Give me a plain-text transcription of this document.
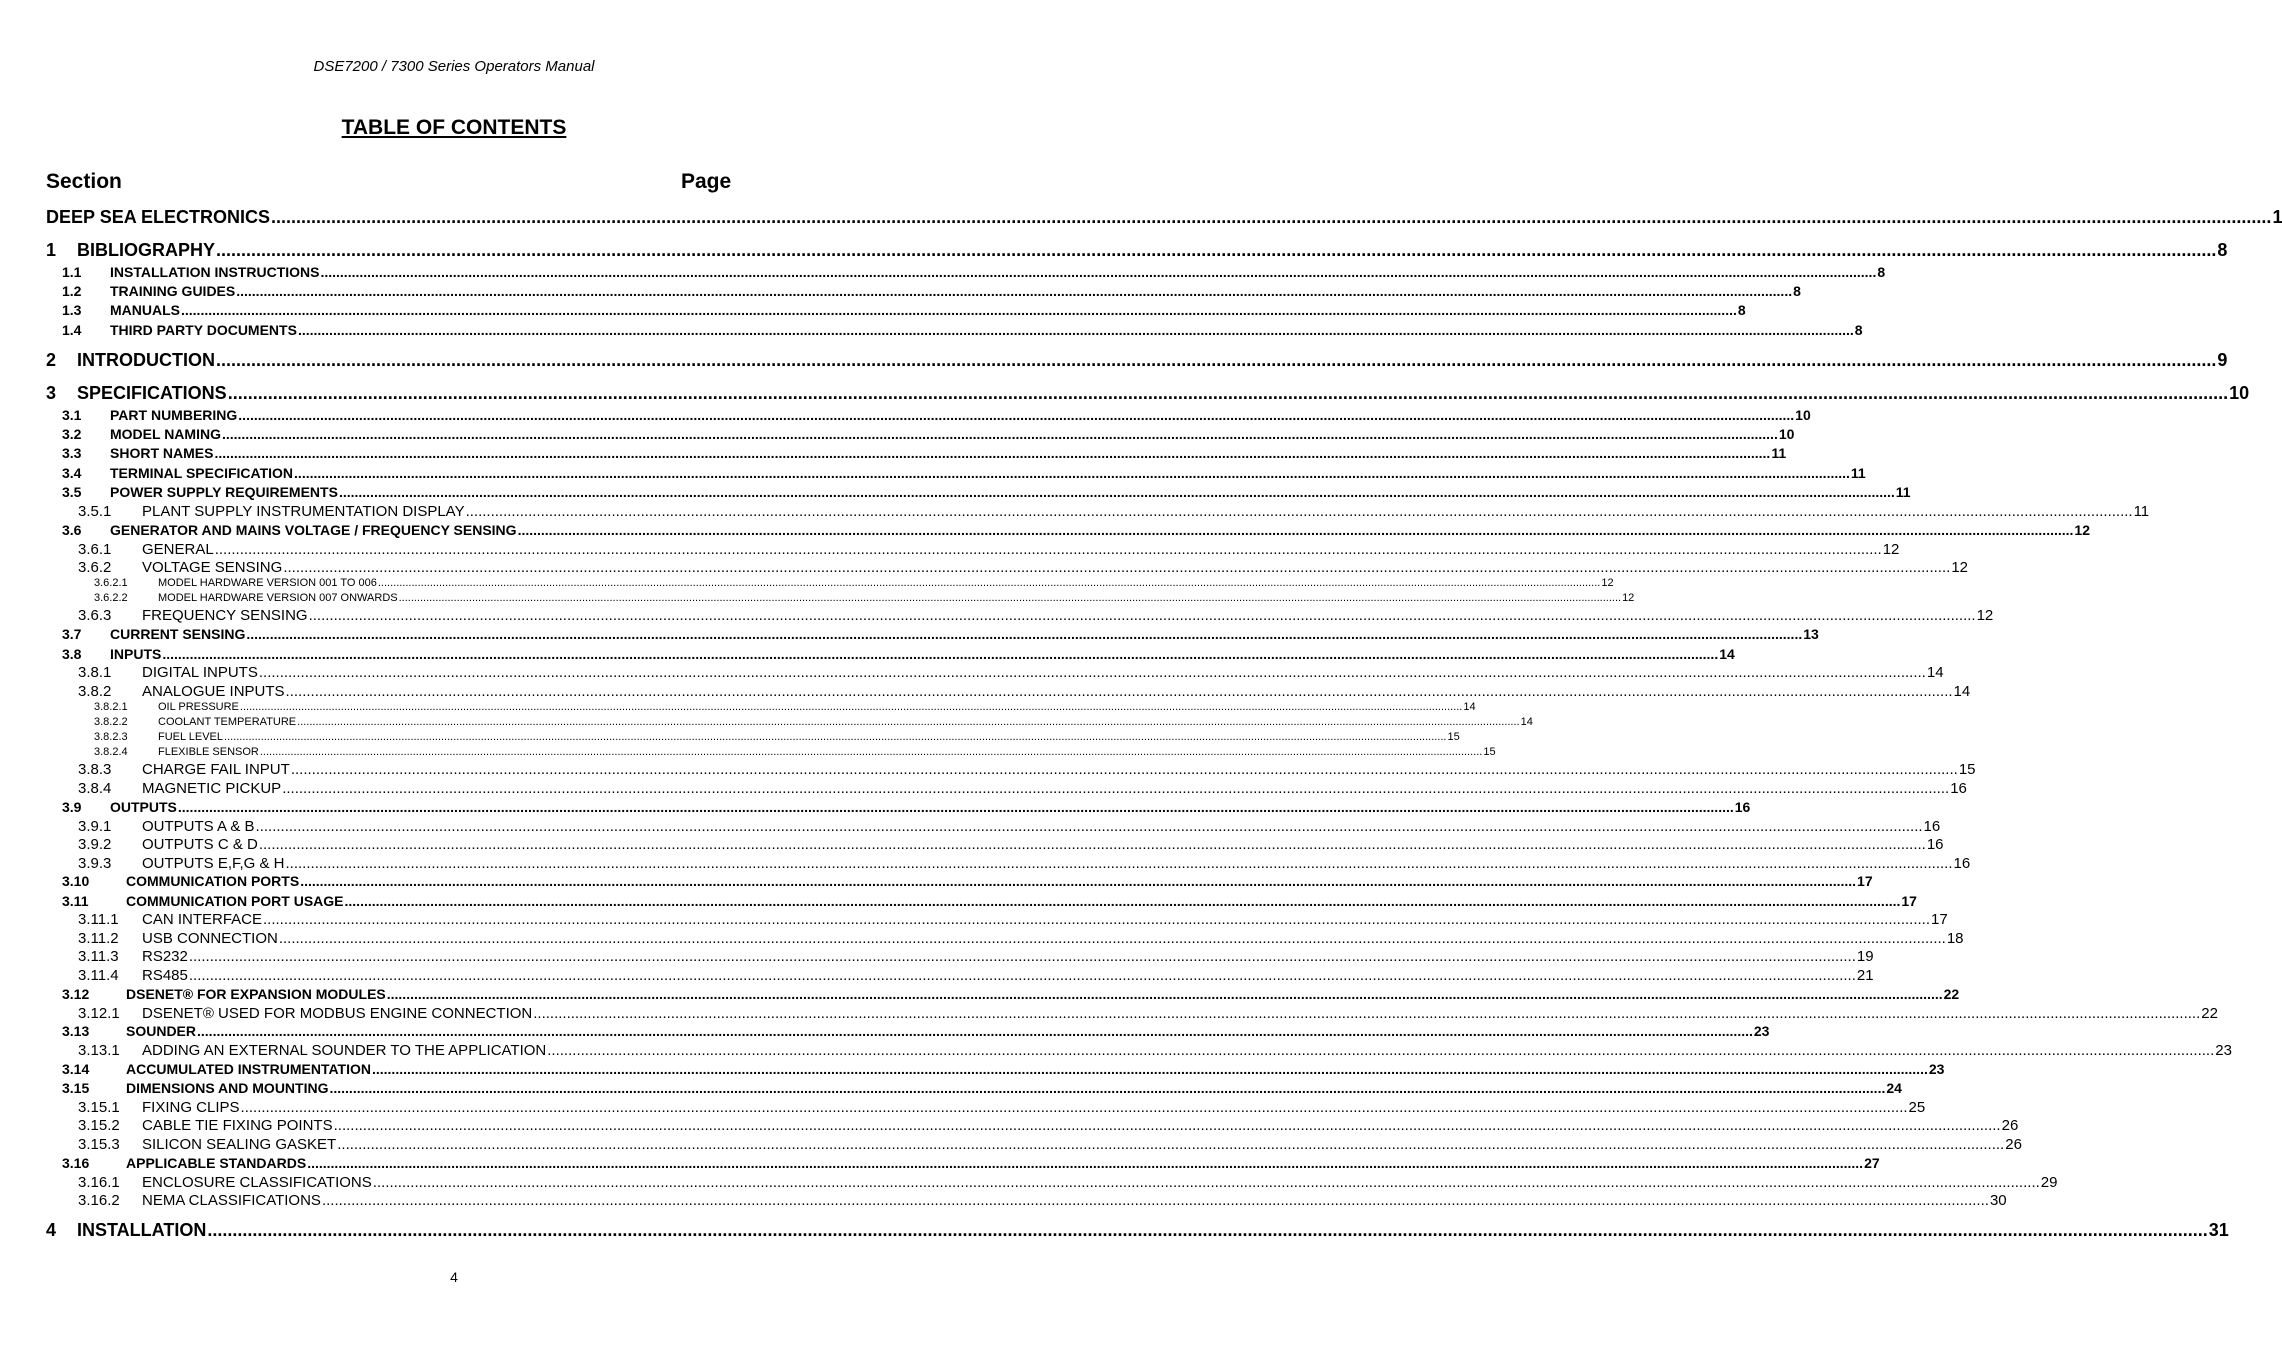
DSE7200 / 7300 Series Operators Manual
TABLE OF CONTENTS
Section	Page
DEEP SEA ELECTRONICS ................................................................................................................................................................................................................................................................................................................................................................................................................ 1
1	BIBLIOGRAPHY ................................................................................................................................................................................................................................................................................................................................................................................................................ 8
1.1	INSTALLATION INSTRUCTIONS ................................................................................................................................................................................................................................................................................................................................................................................................................ 8
1.2	TRAINING GUIDES ................................................................................................................................................................................................................................................................................................................................................................................................................ 8
1.3	MANUALS ................................................................................................................................................................................................................................................................................................................................................................................................................ 8
1.4	THIRD PARTY DOCUMENTS ................................................................................................................................................................................................................................................................................................................................................................................................................ 8
2	INTRODUCTION ................................................................................................................................................................................................................................................................................................................................................................................................................ 9
3	SPECIFICATIONS ................................................................................................................................................................................................................................................................................................................................................................................................................ 10
3.1	PART NUMBERING ................................................................................................................................................................................................................................................................................................................................................................................................................ 10
3.2	MODEL NAMING ................................................................................................................................................................................................................................................................................................................................................................................................................ 10
3.3	SHORT NAMES ................................................................................................................................................................................................................................................................................................................................................................................................................ 11
3.4	TERMINAL SPECIFICATION ................................................................................................................................................................................................................................................................................................................................................................................................................ 11
3.5	POWER SUPPLY REQUIREMENTS ................................................................................................................................................................................................................................................................................................................................................................................................................ 11
3.5.1	PLANT SUPPLY INSTRUMENTATION DISPLAY ................................................................................................................................................................................................................................................................................................................................................................................................................ 11
3.6	GENERATOR AND MAINS VOLTAGE / FREQUENCY SENSING ................................................................................................................................................................................................................................................................................................................................................................................................................ 12
3.6.1	GENERAL ................................................................................................................................................................................................................................................................................................................................................................................................................ 12
3.6.2	VOLTAGE SENSING ................................................................................................................................................................................................................................................................................................................................................................................................................ 12
3.6.2.1	MODEL HARDWARE VERSION 001 TO 006 ................................................................................................................................................................................................................................................................................................................................................................................................................ 12
3.6.2.2	MODEL HARDWARE VERSION 007 ONWARDS ................................................................................................................................................................................................................................................................................................................................................................................................................ 12
3.6.3	FREQUENCY SENSING ................................................................................................................................................................................................................................................................................................................................................................................................................ 12
3.7	CURRENT SENSING ................................................................................................................................................................................................................................................................................................................................................................................................................ 13
3.8	INPUTS ................................................................................................................................................................................................................................................................................................................................................................................................................ 14
3.8.1	DIGITAL INPUTS ................................................................................................................................................................................................................................................................................................................................................................................................................ 14
3.8.2	ANALOGUE INPUTS ................................................................................................................................................................................................................................................................................................................................................................................................................ 14
3.8.2.1	OIL PRESSURE ................................................................................................................................................................................................................................................................................................................................................................................................................ 14
3.8.2.2	COOLANT TEMPERATURE ................................................................................................................................................................................................................................................................................................................................................................................................................ 14
3.8.2.3	FUEL LEVEL ................................................................................................................................................................................................................................................................................................................................................................................................................ 15
3.8.2.4	FLEXIBLE SENSOR ................................................................................................................................................................................................................................................................................................................................................................................................................ 15
3.8.3	CHARGE FAIL INPUT ................................................................................................................................................................................................................................................................................................................................................................................................................ 15
3.8.4	MAGNETIC PICKUP ................................................................................................................................................................................................................................................................................................................................................................................................................ 16
3.9	OUTPUTS ................................................................................................................................................................................................................................................................................................................................................................................................................ 16
3.9.1	OUTPUTS A & B ................................................................................................................................................................................................................................................................................................................................................................................................................ 16
3.9.2	OUTPUTS C & D ................................................................................................................................................................................................................................................................................................................................................................................................................ 16
3.9.3	OUTPUTS E,F,G & H ................................................................................................................................................................................................................................................................................................................................................................................................................ 16
3.10	COMMUNICATION PORTS ................................................................................................................................................................................................................................................................................................................................................................................................................ 17
3.11	COMMUNICATION PORT USAGE ................................................................................................................................................................................................................................................................................................................................................................................................................ 17
3.11.1	CAN INTERFACE ................................................................................................................................................................................................................................................................................................................................................................................................................ 17
3.11.2	USB CONNECTION ................................................................................................................................................................................................................................................................................................................................................................................................................ 18
3.11.3	RS232 ................................................................................................................................................................................................................................................................................................................................................................................................................ 19
3.11.4	RS485 ................................................................................................................................................................................................................................................................................................................................................................................................................ 21
3.12	DSENET® FOR EXPANSION MODULES ................................................................................................................................................................................................................................................................................................................................................................................................................ 22
3.12.1	DSENET® USED FOR MODBUS ENGINE CONNECTION ................................................................................................................................................................................................................................................................................................................................................................................................................ 22
3.13	SOUNDER ................................................................................................................................................................................................................................................................................................................................................................................................................ 23
3.13.1	ADDING AN EXTERNAL SOUNDER TO THE APPLICATION ................................................................................................................................................................................................................................................................................................................................................................................................................ 23
3.14	ACCUMULATED INSTRUMENTATION ................................................................................................................................................................................................................................................................................................................................................................................................................ 23
3.15	DIMENSIONS AND MOUNTING ................................................................................................................................................................................................................................................................................................................................................................................................................ 24
3.15.1	FIXING CLIPS ................................................................................................................................................................................................................................................................................................................................................................................................................ 25
3.15.2	CABLE TIE FIXING POINTS ................................................................................................................................................................................................................................................................................................................................................................................................................ 26
3.15.3	SILICON SEALING GASKET ................................................................................................................................................................................................................................................................................................................................................................................................................ 26
3.16	APPLICABLE STANDARDS ................................................................................................................................................................................................................................................................................................................................................................................................................ 27
3.16.1	ENCLOSURE CLASSIFICATIONS ................................................................................................................................................................................................................................................................................................................................................................................................................ 29
3.16.2	NEMA CLASSIFICATIONS ................................................................................................................................................................................................................................................................................................................................................................................................................ 30
4	INSTALLATION ................................................................................................................................................................................................................................................................................................................................................................................................................ 31
4
